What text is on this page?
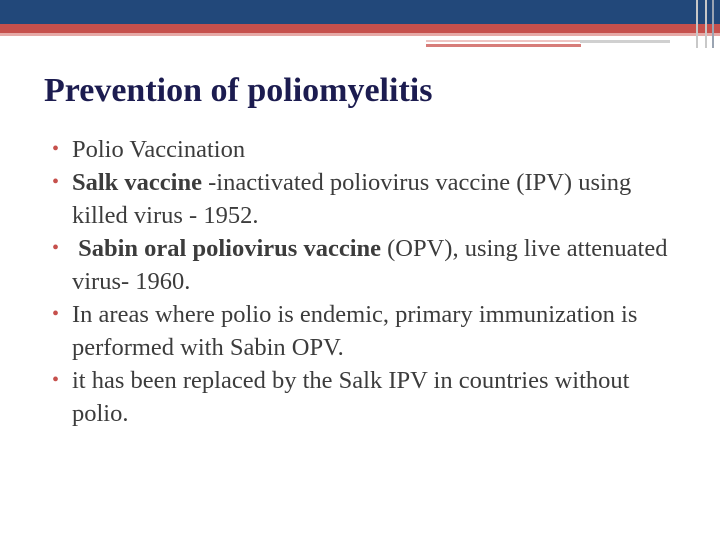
Prevention of poliomyelitis
• Polio Vaccination
• Salk vaccine -inactivated poliovirus vaccine (IPV) using killed virus - 1952.
• Sabin oral poliovirus vaccine (OPV), using live attenuated virus- 1960.
• In areas where polio is endemic, primary immunization is performed with Sabin OPV.
• it has been replaced by the Salk IPV in countries without polio.
